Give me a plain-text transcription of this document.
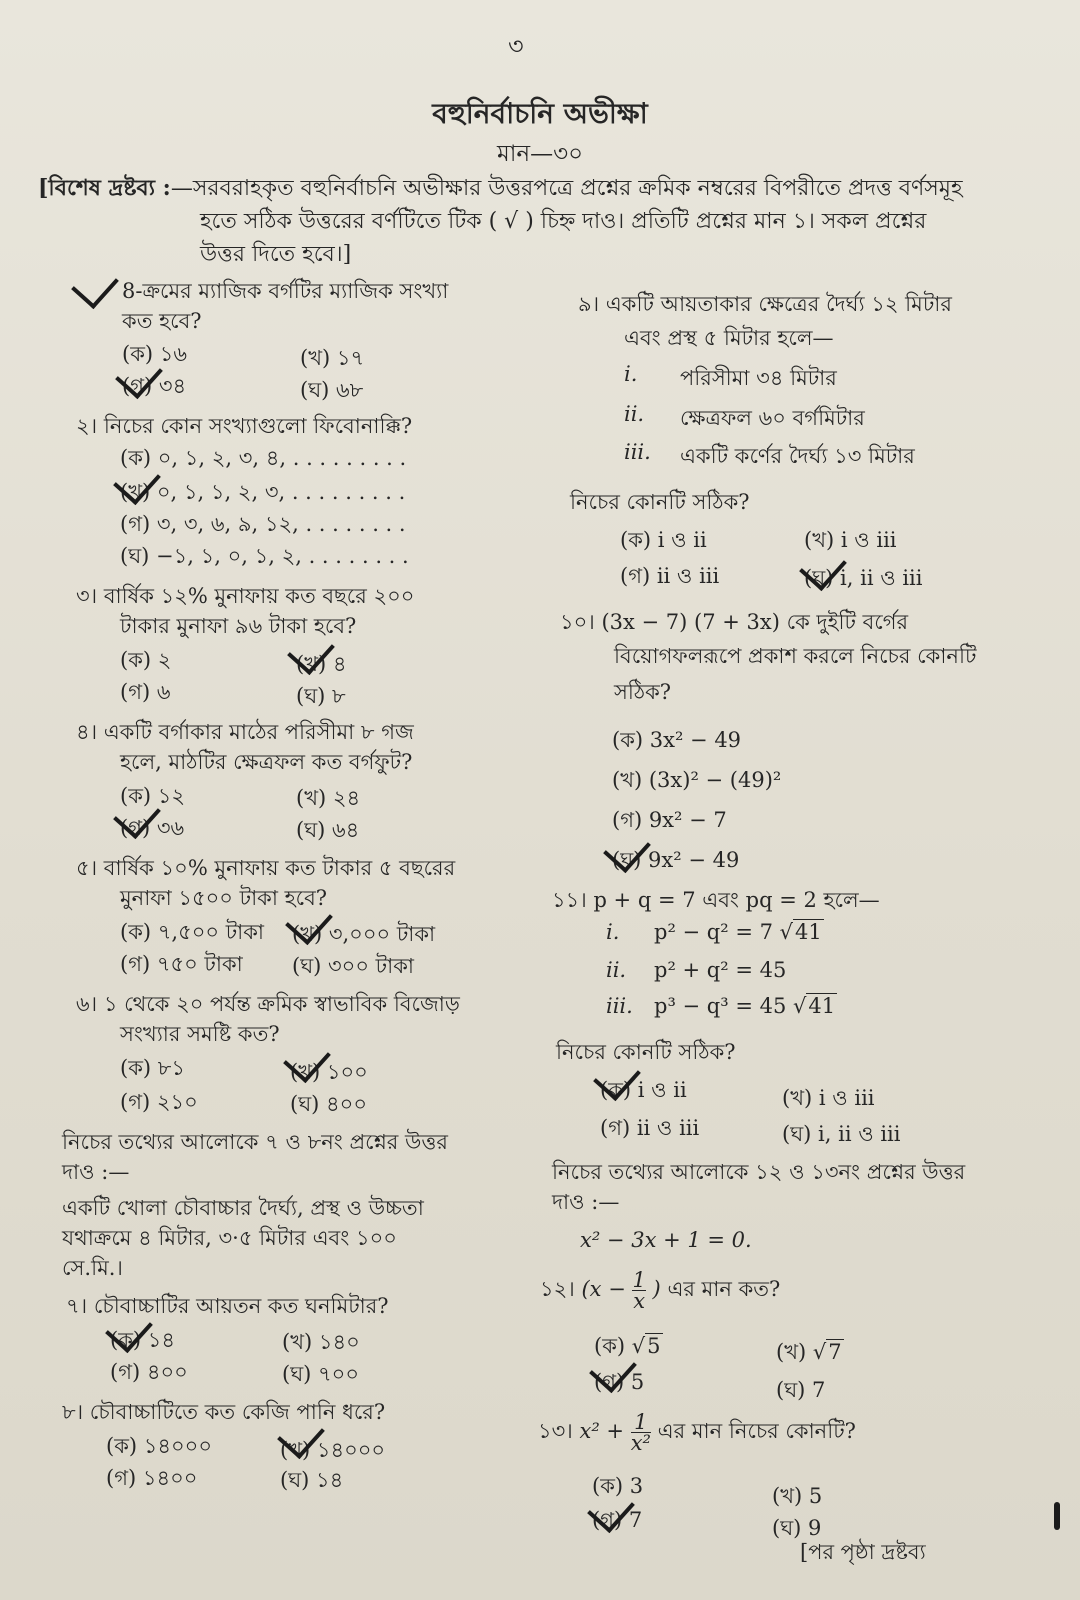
৩
বহুনির্বাচনি অভীক্ষা
মান—৩০
[বিশেষ দ্রষ্টব্য :—সরবরাহকৃত বহুনির্বাচনি অভীক্ষার উত্তরপত্রে প্রশ্নের ক্রমিক নম্বরের বিপরীতে প্রদত্ত বর্ণসমূহ
হতে সঠিক উত্তরের বর্ণটিতে টিক ( √ ) চিহ্ন দাও। প্রতিটি প্রশ্নের মান ১। সকল প্রশ্নের
উত্তর দিতে হবে।]
8-ক্রমের ম্যাজিক বর্গটির ম্যাজিক সংখ্যা
কত হবে?
(ক) ১৬	(খ) ১৭
(গ) ৩৪	(ঘ) ৬৮
২। নিচের কোন সংখ্যাগুলো ফিবোনাক্কি?
(ক) ০, ১, ২, ৩, ৪, . . . . . . . . .
(খ) ০, ১, ১, ২, ৩, . . . . . . . . .
(গ) ৩, ৩, ৬, ৯, ১২, . . . . . . . .
(ঘ) −১, ১, ০, ১, ২, . . . . . . . .
৩। বার্ষিক ১২% মুনাফায় কত বছরে ২০০
টাকার মুনাফা ৯৬ টাকা হবে?
(ক) ২	(খ) ৪
(গ) ৬	(ঘ) ৮
৪। একটি বর্গাকার মাঠের পরিসীমা ৮ গজ
হলে, মাঠটির ক্ষেত্রফল কত বর্গফুট?
(ক) ১২	(খ) ২৪
(গ) ৩৬	(ঘ) ৬৪
৫। বার্ষিক ১০% মুনাফায় কত টাকার ৫ বছরের
মুনাফা ১৫০০ টাকা হবে?
(ক) ৭,৫০০ টাকা (খ) ৩,০০০ টাকা
(গ) ৭৫০ টাকা (ঘ) ৩০০ টাকা
৬। ১ থেকে ২০ পর্যন্ত ক্রমিক স্বাভাবিক বিজোড়
সংখ্যার সমষ্টি কত?
(ক) ৮১	(খ) ১০০
(গ) ২১০	(ঘ) ৪০০
নিচের তথ্যের আলোকে ৭ ও ৮নং প্রশ্নের উত্তর
দাও :—
একটি খোলা চৌবাচ্চার দৈর্ঘ্য, প্রস্থ ও উচ্চতা
যথাক্রমে ৪ মিটার, ৩·৫ মিটার এবং ১০০
সে.মি.।
৭। চৌবাচ্চাটির আয়তন কত ঘনমিটার?
(ক) ১৪	(খ) ১৪০
(গ) ৪০০	(ঘ) ৭০০
৮। চৌবাচ্চাটিতে কত কেজি পানি ধরে?
(ক) ১৪০০০	(খ) ১৪০০০
(গ) ১৪০০	(ঘ) ১৪
৯। একটি আয়তাকার ক্ষেত্রের দৈর্ঘ্য ১২ মিটার
এবং প্রস্থ ৫ মিটার হলে—
i. পরিসীমা ৩৪ মিটার
ii. ক্ষেত্রফল ৬০ বর্গমিটার
iii. একটি কর্ণের দৈর্ঘ্য ১৩ মিটার
নিচের কোনটি সঠিক?
(ক) i ও ii	(খ) i ও iii
(গ) ii ও iii	(ঘ) i, ii ও iii
১০। (3x − 7) (7 + 3x) কে দুইটি বর্গের
বিয়োগফলরূপে প্রকাশ করলে নিচের কোনটি
সঠিক?
(ক) 3x² − 49
(খ) (3x)² − (49)²
(গ) 9x² − 7
(ঘ) 9x² − 49
১১। p + q = 7 এবং pq = 2 হলে—
i. p² − q² = 7 √41
ii. p² + q² = 45
iii. p³ − q³ = 45 √41
নিচের কোনটি সঠিক?
(ক) i ও ii	(খ) i ও iii
(গ) ii ও iii	(ঘ) i, ii ও iii
নিচের তথ্যের আলোকে ১২ ও ১৩নং প্রশ্নের উত্তর
দাও :—
x² − 3x + 1 = 0.
১২। ($x - \frac{1}{x}$ ) এর মান কত?
(ক) √5	(খ) √7
(গ) 5	(ঘ) 7
১৩। $x^2 + \frac{1}{\text{x²}}$ এর মান নিচের কোনটি?
(ক) 3	(খ) 5
(গ) 7	(ঘ) 9
[পর পৃষ্ঠা দ্রষ্টব্য
